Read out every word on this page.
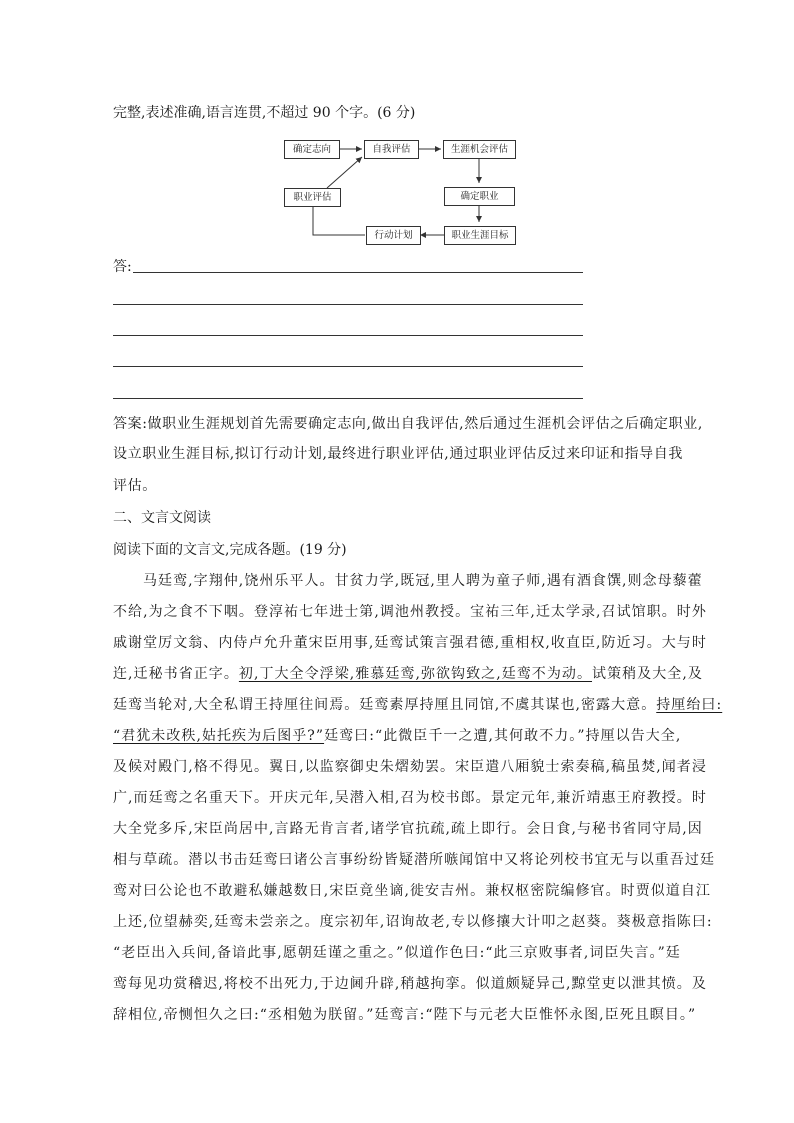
完整,表述准确,语言连贯,不超过 90 个字。(6 分)
确定志向	自我评估	生涯机会评估
确定职业
职业生涯目标
行动计划
职业评估
答:
答案:做职业生涯规划首先需要确定志向,做出自我评估,然后通过生涯机会评估之后确定职业,
设立职业生涯目标,拟订行动计划,最终进行职业评估,通过职业评估反过来印证和指导自我
评估。
二、文言文阅读
阅读下面的文言文,完成各题。(19 分)
马廷鸾,字翔仲,饶州乐平人。甘贫力学,既冠,里人聘为童子师,遇有酒食馔,则念母藜藿
不给,为之食不下咽。登淳祐七年进士第,调池州教授。宝祐三年,迁太学录,召试馆职。时外
戚谢堂厉文翁、内侍卢允升董宋臣用事,廷鸾试策言强君德,重相权,收直臣,防近习。大与时
迕,迁秘书省正字。初,丁大全令浮梁,雅慕廷鸾,弥欲钩致之,廷鸾不为动。试策稍及大全,及
廷鸾当轮对,大全私谓王持厘往间焉。廷鸾素厚持厘且同馆,不虞其谋也,密露大意。持厘绐曰:
“君犹未改秩,姑托疾为后图乎?”廷鸾曰:“此微臣千一之遭,其何敢不力。”持厘以告大全,
及候对殿门,格不得见。翼日,以监察御史朱熠劾罢。宋臣遣八厢貌士索奏稿,稿虽焚,闻者浸
广,而廷鸾之名重天下。开庆元年,吴潜入相,召为校书郎。景定元年,兼沂靖惠王府教授。时
大全党多斥,宋臣尚居中,言路无肯言者,诸学官抗疏,疏上即行。会日食,与秘书省同守局,因
相与草疏。潜以书击廷鸾曰诸公言事纷纷皆疑潜所嗾闻馆中又将论列校书宜无与以重吾过廷
鸾对曰公论也不敢避私嫌越数日,宋臣竟坐谪,徙安吉州。兼权枢密院编修官。时贾似道自江
上还,位望赫奕,廷鸾未尝亲之。度宗初年,诏询故老,专以修攘大计叩之赵葵。葵极意指陈曰:
“老臣出入兵间,备谙此事,愿朝廷谨之重之。”似道作色曰:“此三京败事者,词臣失言。”廷
鸾每见功赏稽迟,将校不出死力,于边阃升辟,稍越拘挛。似道颇疑异己,黥堂吏以泄其愤。及
辞相位,帝恻怛久之曰:“丞相勉为朕留。”廷鸾言:“陛下与元老大臣惟怀永图,臣死且瞑目。”
